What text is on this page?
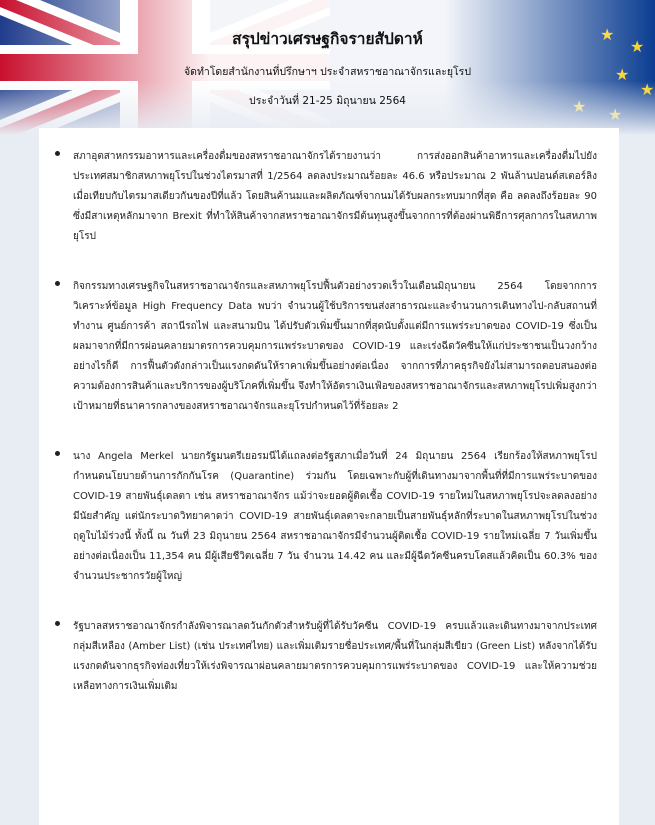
สรุปข่าวเศรษฐกิจรายสัปดาห์

จัดทำโดยสำนักงานที่ปรึกษาฯ ประจำสหราชอาณาจักรและยุโรป

ประจำวันที่ 21-25 มิถุนายน 2564

สภาอุตสาหกรรมอาหารและเครื่องดื่มของสหราชอาณาจักรได้รายงานว่า การส่งออกสินค้าอาหารและเครื่องดื่มไปยังประเทศสมาชิกสหภาพยุโรปในช่วงไตรมาสที่ 1/2564 ลดลงประมาณร้อยละ 46.6 หรือประมาณ 2 พันล้านปอนด์สเตอร์ลิง เมื่อเทียบกับไตรมาสเดียวกันของปีที่แล้ว โดยสินค้านมและผลิตภัณฑ์จากนมได้รับผลกระทบมากที่สุด คือ ลดลงถึงร้อยละ 90 ซึ่งมีสาเหตุหลักมาจาก Brexit ที่ทำให้สินค้าจากสหราชอาณาจักรมีต้นทุนสูงขึ้นจากการที่ต้องผ่านพิธีการศุลกากรในสหภาพยุโรป

กิจกรรมทางเศรษฐกิจในสหราชอาณาจักรและสหภาพยุโรปฟื้นตัวอย่างรวดเร็วในเดือนมิถุนายน 2564 โดยจากการวิเคราะห์ข้อมูล High Frequency Data พบว่า จำนวนผู้ใช้บริการขนส่งสาธารณะและจำนวนการเดินทางไป-กลับสถานที่ทำงาน ศูนย์การค้า สถานีรถไฟ และสนามบิน ได้ปรับตัวเพิ่มขึ้นมากที่สุดนับตั้งแต่มีการแพร่ระบาดของ COVID-19 ซึ่งเป็นผลมาจากที่มีการผ่อนคลายมาตรการควบคุมการแพร่ระบาดของ COVID-19 และเร่งฉีดวัคซีนให้แก่ประชาชนเป็นวงกว้าง อย่างไรก็ดี การฟื้นตัวดังกล่าวเป็นแรงกดดันให้ราคาเพิ่มขึ้นอย่างต่อเนื่อง จากการที่ภาคธุรกิจยังไม่สามารถตอบสนองต่อความต้องการสินค้าและบริการของผู้บริโภคที่เพิ่มขึ้น จึงทำให้อัตราเงินเฟ้อของสหราชอาณาจักรและสหภาพยุโรปเพิ่มสูงกว่าเป้าหมายที่ธนาคารกลางของสหราชอาณาจักรและยุโรปกำหนดไว้ที่ร้อยละ 2

นาง Angela Merkel นายกรัฐมนตรีเยอรมนีได้แถลงต่อรัฐสภาเมื่อวันที่ 24 มิถุนายน 2564 เรียกร้องให้สหภาพยุโรปกำหนดนโยบายด้านการกักกันโรค (Quarantine) ร่วมกัน โดยเฉพาะกับผู้ที่เดินทางมาจากพื้นที่ที่มีการแพร่ระบาดของ COVID-19 สายพันธุ์เดลตา เช่น สหราชอาณาจักร แม้ว่าจะยอดผู้ติดเชื้อ COVID-19 รายใหม่ในสหภาพยุโรปจะลดลงอย่างมีนัยสำคัญ แต่นักระบาดวิทยาคาดว่า COVID-19 สายพันธุ์เดลตาจะกลายเป็นสายพันธุ์หลักที่ระบาดในสหภาพยุโรปในช่วงฤดูใบไม้ร่วงนี้ ทั้งนี้ ณ วันที่ 23 มิถุนายน 2564 สหราชอาณาจักรมีจำนวนผู้ติดเชื้อ COVID-19 รายใหม่เฉลี่ย 7 วันเพิ่มขึ้นอย่างต่อเนื่องเป็น 11,354 คน มีผู้เสียชีวิตเฉลี่ย 7 วัน จำนวน 14.42 คน และมีผู้ฉีดวัคซีนครบโดสแล้วคิดเป็น 60.3% ของจำนวนประชากรวัยผู้ใหญ่

รัฐบาลสหราชอาณาจักรกำลังพิจารณาลดวันกักตัวสำหรับผู้ที่ได้รับวัคซีน COVID-19 ครบแล้วและเดินทางมาจากประเทศกลุ่มสีเหลือง (Amber List) (เช่น ประเทศไทย) และเพิ่มเติมรายชื่อประเทศ/พื้นที่ในกลุ่มสีเขียว (Green List) หลังจากได้รับแรงกดดันจากธุรกิจท่องเที่ยวให้เร่งพิจารณาผ่อนคลายมาตรการควบคุมการแพร่ระบาดของ COVID-19 และให้ความช่วยเหลือทางการเงินเพิ่มเติม
